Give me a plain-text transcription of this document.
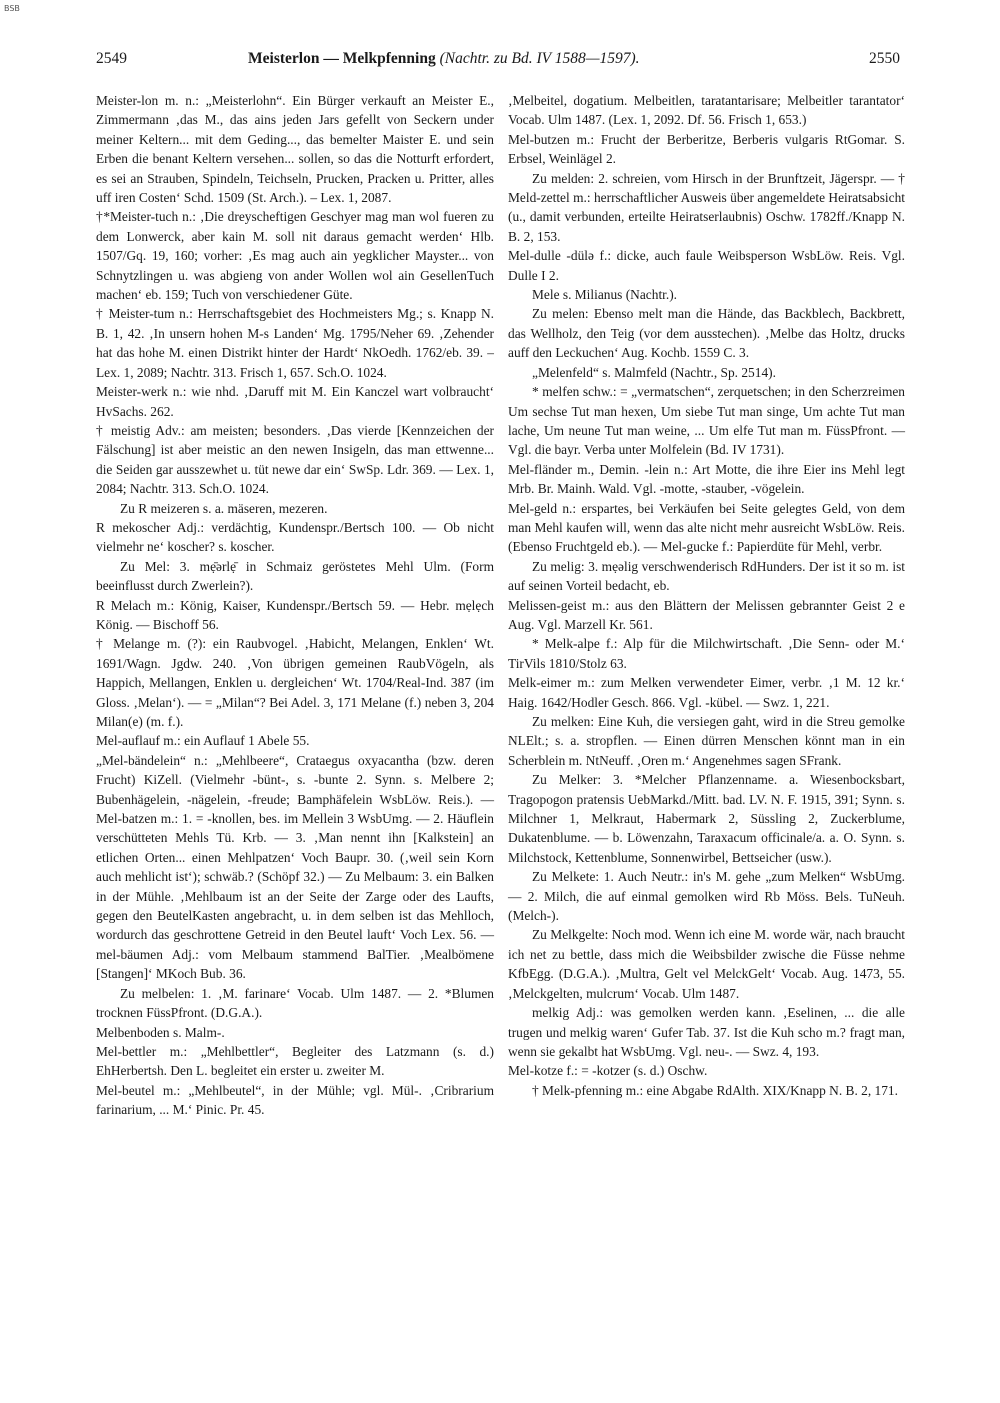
BSB
2549	Meisterlon — Melkpfenning (Nachtr. zu Bd. IV 1588—1597).	2550

Meister-lon m. n.: „Meisterlohn“. Ein Bürger verkauft an Meister E., Zimmermann ‚das M., das ains jeden Jars gefellt von Seckern under meiner Keltern... mit dem Geding..., das bemelter Maister E. und sein Erben die benant Keltern versehen... sollen, so das die Notturft erfordert, es sei an Strauben, Spindeln, Teichseln, Prucken, Pracken u. Pritter, alles uff iren Costen‘ Schd. 1509 (St. Arch.). – Lex. 1, 2087.

†*Meister-tuch n.: ‚Die dreyscheftigen Geschyer mag man wol fueren zu dem Lonwerck, aber kain M. soll nit daraus gemacht werden‘ Hlb. 1507/Gq. 19, 160; vorher: ‚Es mag auch ain yegklicher Mayster... von Schnytzlingen u. was abgieng von ander Wollen wol ain GesellenTuch machen‘ eb. 159; Tuch von verschiedener Güte.

† Meister-tum n.: Herrschaftsgebiet des Hochmeisters Mg.; s. Knapp N. B. 1, 42. ‚In unsern hohen M-s Landen‘ Mg. 1795/Neher 69. ‚Zehender hat das hohe M. einen Distrikt hinter der Hardt‘ NkOedh. 1762/eb. 39. – Lex. 1, 2089; Nachtr. 313. Frisch 1, 657. Sch.O. 1024.

Meister-werk n.: wie nhd. ‚Daruff mit M. Ein Kanczel wart volbraucht‘ HvSachs. 262.

† meistig Adv.: am meisten; besonders. ‚Das vierde [Kennzeichen der Fälschung] ist aber meistic an den newen Insigeln, das man ettwenne... die Seiden gar ausszewhet u. tüt newe dar ein‘ SwSp. Ldr. 369. — Lex. 1, 2084; Nachtr. 313. Sch.O. 1024.

Zu R meizeren s. a. mäseren, mezeren.

R mekoscher Adj.: verdächtig, Kundenspr./Bertsch 100. — Ob nicht vielmehr ne‘ koscher? s. koscher.

Zu Mel: 3. mẹ̄ərlẹ̄ in Schmaiz geröstetes Mehl Ulm. (Form beeinflusst durch Zwerlein?).

R Melach m.: König, Kaiser, Kundenspr./Bertsch 59. — Hebr. mẹlẹch König. — Bischoff 56.

† Melange m. (?): ein Raubvogel. ‚Habicht, Melangen, Enklen‘ Wt. 1691/Wagn. Jgdw. 240. ‚Von übrigen gemeinen RaubVögeln, als Happich, Mellangen, Enklen u. dergleichen‘ Wt. 1704/Real-Ind. 387 (im Gloss. ‚Melan‘). — = „Milan“? Bei Adel. 3, 171 Melane (f.) neben 3, 204 Milan(e) (m. f.).

Mel-auflauf m.: ein Auflauf 1 Abele 55.

„Mel-bändelein“ n.: „Mehlbeere“, Crataegus oxyacantha (bzw. deren Frucht) KiZell. (Vielmehr -bünt-, s. -bunte 2. Synn. s. Melbere 2; Bubenhägelein, -nägelein, -freude; Bamphäfelein WsbLöw. Reis.). — Mel-batzen m.: 1. = -knollen, bes. im Mellein 3 WsbUmg. — 2. Häuflein verschütteten Mehls Tü. Krb. — 3. ‚Man nennt ihn [Kalkstein] an etlichen Orten... einen Mehlpatzen‘ Voch Baupr. 30. (‚weil sein Korn auch mehlicht ist‘); schwäb.? (Schöpf 32.) — Zu Melbaum: 3. ein Balken in der Mühle. ‚Mehlbaum ist an der Seite der Zarge oder des Laufts, gegen den BeutelKasten angebracht, u. in dem selben ist das Mehlloch, wordurch das geschrottene Getreid in den Beutel lauft‘ Voch Lex. 56. — mel-bäumen Adj.: vom Melbaum stammend BalTier. ‚Mealbömene [Stangen]‘ MKoch Bub. 36.

Zu melbelen: 1. ‚M. farinare‘ Vocab. Ulm 1487. — 2. *Blumen trocknen FüssPfront. (D.G.A.).

Melbenboden s. Malm-.

Mel-bettler m.: „Mehlbettler“, Begleiter des Latzmann (s. d.) EhHerbertsh. Den L. begleitet ein erster u. zweiter M.

Mel-beutel m.: „Mehlbeutel“, in der Mühle; vgl. Mül-. ‚Cribrarium farinarium, ... M.‘ Pinic. Pr. 45.

‚Melbeitel, dogatium. Melbeitlen, taratantarisare; Melbeitler tarantator‘ Vocab. Ulm 1487. (Lex. 1, 2092. Df. 56. Frisch 1, 653.)

Mel-butzen m.: Frucht der Berberitze, Berberis vulgaris RtGomar. S. Erbsel, Weinlägel 2.

Zu melden: 2. schreien, vom Hirsch in der Brunftzeit, Jägerspr. — † Meld-zettel m.: herrschaftlicher Ausweis über angemeldete Heiratsabsicht (u., damit verbunden, erteilte Heiratserlaubnis) Oschw. 1782ff./Knapp N. B. 2, 153.

Mel-dulle -dülə f.: dicke, auch faule Weibsperson WsbLöw. Reis. Vgl. Dulle I 2.

Mele s. Milianus (Nachtr.).

Zu melen: Ebenso melt man die Hände, das Backblech, Backbrett, das Wellholz, den Teig (vor dem ausstechen). ‚Melbe das Holtz, drucks auff den Leckuchen‘ Aug. Kochb. 1559 C. 3.

„Melenfeld“ s. Malmfeld (Nachtr., Sp. 2514).

* melfen schw.: = „vermatschen“, zerquetschen; in den Scherzreimen Um sechse Tut man hexen, Um siebe Tut man singe, Um achte Tut man lache, Um neune Tut man weine, ... Um elfe Tut man m. FüssPfront. — Vgl. die bayr. Verba unter Molfelein (Bd. IV 1731).

Mel-fländer m., Demin. -lein n.: Art Motte, die ihre Eier ins Mehl legt Mrb. Br. Mainh. Wald. Vgl. -motte, -stauber, -vögelein.

Mel-geld n.: erspartes, bei Verkäufen bei Seite gelegtes Geld, von dem man Mehl kaufen will, wenn das alte nicht mehr ausreicht WsbLöw. Reis. (Ebenso Fruchtgeld eb.). — Mel-gucke f.: Papierdüte für Mehl, verbr.

Zu melig: 3. mẹəlig verschwenderisch RdHunders. Der ist it so m. ist auf seinen Vorteil bedacht, eb.

Melissen-geist m.: aus den Blättern der Melissen gebrannter Geist 2 e Aug. Vgl. Marzell Kr. 561.

* Melk-alpe f.: Alp für die Milchwirtschaft. ‚Die Senn- oder M.‘ TirVils 1810/Stolz 63.

Melk-eimer m.: zum Melken verwendeter Eimer, verbr. ‚1 M. 12 kr.‘ Haig. 1642/Hodler Gesch. 866. Vgl. -kübel. — Swz. 1, 221.

Zu melken: Eine Kuh, die versiegen gaht, wird in die Streu gemolke NLElt.; s. a. stropflen. — Einen dürren Menschen könnt man in ein Scherblein m. NtNeuff. ‚Oren m.‘ Angenehmes sagen SFrank.

Zu Melker: 3. *Melcher Pflanzenname. a. Wiesenbocksbart, Tragopogon pratensis UebMarkd./Mitt. bad. LV. N. F. 1915, 391; Synn. s. Milchner 1, Melkraut, Habermark 2, Süssling 2, Zuckerblume, Dukatenblume. — b. Löwenzahn, Taraxacum officinale/a. a. O. Synn. s. Milchstock, Kettenblume, Sonnenwirbel, Bettseicher (usw.).

Zu Melkete: 1. Auch Neutr.: in's M. gehe „zum Melken“ WsbUmg. — 2. Milch, die auf einmal gemolken wird Rb Möss. Bels. TuNeuh. (Melch-).

Zu Melkgelte: Noch mod. Wenn ich eine M. worde wär, nach braucht ich net zu bettle, dass mich die Weibsbilder zwische die Füsse nehme KfbEgg. (D.G.A.). ‚Multra, Gelt vel MelckGelt‘ Vocab. Aug. 1473, 55. ‚Melckgelten, mulcrum‘ Vocab. Ulm 1487.

melkig Adj.: was gemolken werden kann. ‚Eselinen, ... die alle trugen und melkig waren‘ Gufer Tab. 37. Ist die Kuh scho m.? fragt man, wenn sie gekalbt hat WsbUmg. Vgl. neu-. — Swz. 4, 193.

Mel-kotze f.: = -kotzer (s. d.) Oschw.

† Melk-pfenning m.: eine Abgabe RdAlth. XIX/Knapp N. B. 2, 171.
